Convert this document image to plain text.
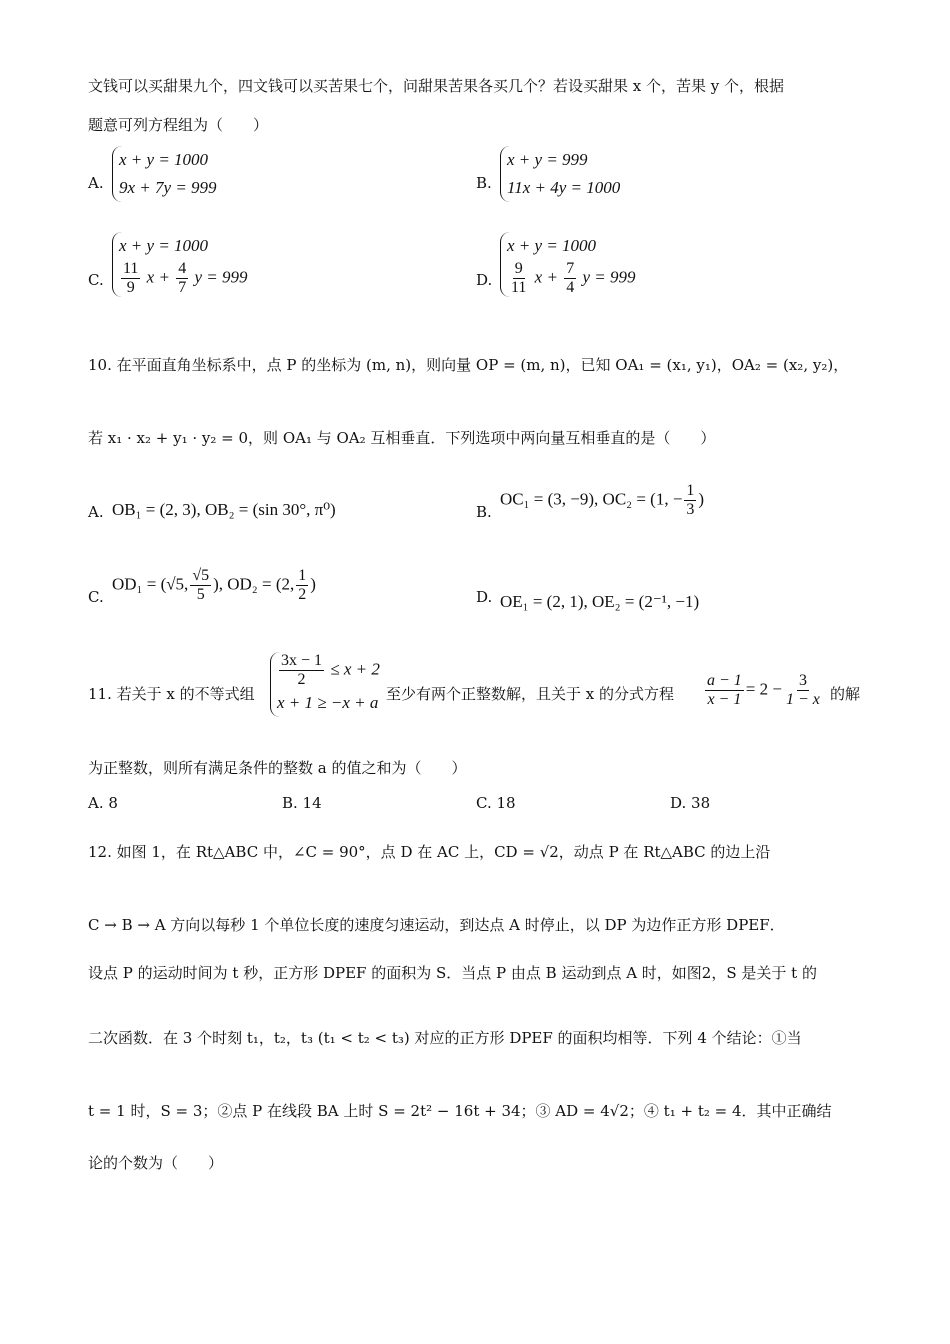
文钱可以买甜果九个，四文钱可以买苦果七个，问甜果苦果各买几个？若设买甜果 x 个，苦果 y 个，根据
题意可列方程组为（　　）
A.
x + y = 1000
9x + 7y = 999	B.
x + y = 999
11x + 4y = 1000
C.
x + y = 1000
$\frac{11}{9}$ $x + \frac{4}{7}$ y = 999	D.
x + y = 1000
$\frac{9}{11}$ $x + \frac{7}{4}$ y = 999
10. 在平面直角坐标系中，点 P 的坐标为 (m, n)，则向量 OP = (m, n)，已知 OA₁ = (x₁, y₁)，OA₂ = (x₂, y₂)，
若 x₁ · x₂ + y₁ · y₂ = 0，则 OA₁ 与 OA₂ 互相垂直．下列选项中两向量互相垂直的是（　　）
A. OB₁ = (2, 3), OB₂ = (sin 30°, π⁰)	B.
OC₁ = (3, −9), OC₂ = (1, − $\frac{1}{3}$ )
C.
OD₁ = (√5, $\frac{√5}{5}$ ), OD₂ = (2, $\frac{1}{2}$ )
D. OE₁ = (2, 1), OE₂ = (2⁻¹, −1)
11. 若关于 x 的不等式组
$\frac{3x - 1}{2} \le x + 2$
x + 1 ≥ −x + a 至少有两个正整数解，且关于 x 的分式方程 $\frac{a - 1}{x - 1} = 2 - \frac{3}{1 - x}$ 的解
为正整数，则所有满足条件的整数 a 的值之和为（　　）
A. 8	B. 14	C. 18	D. 38
12. 如图 1，在 Rt△ABC 中，∠C = 90°，点 D 在 AC 上，CD = √2，动点 P 在 Rt△ABC 的边上沿
C → B → A 方向以每秒 1 个单位长度的速度匀速运动，到达点 A 时停止，以 DP 为边作正方形 DPEF．
设点 P 的运动时间为 t 秒，正方形 DPEF 的面积为 S．当点 P 由点 B 运动到点 A 时，如图2，S 是关于 t 的
二次函数．在 3 个时刻 t₁，t₂，t₃ (t₁ < t₂ < t₃) 对应的正方形 DPEF 的面积均相等．下列 4 个结论：①当
t = 1 时，S = 3；②点 P 在线段 BA 上时 S = 2t² − 16t + 34；③ AD = 4√2；④ t₁ + t₂ = 4．其中正确结
论的个数为（　　）
